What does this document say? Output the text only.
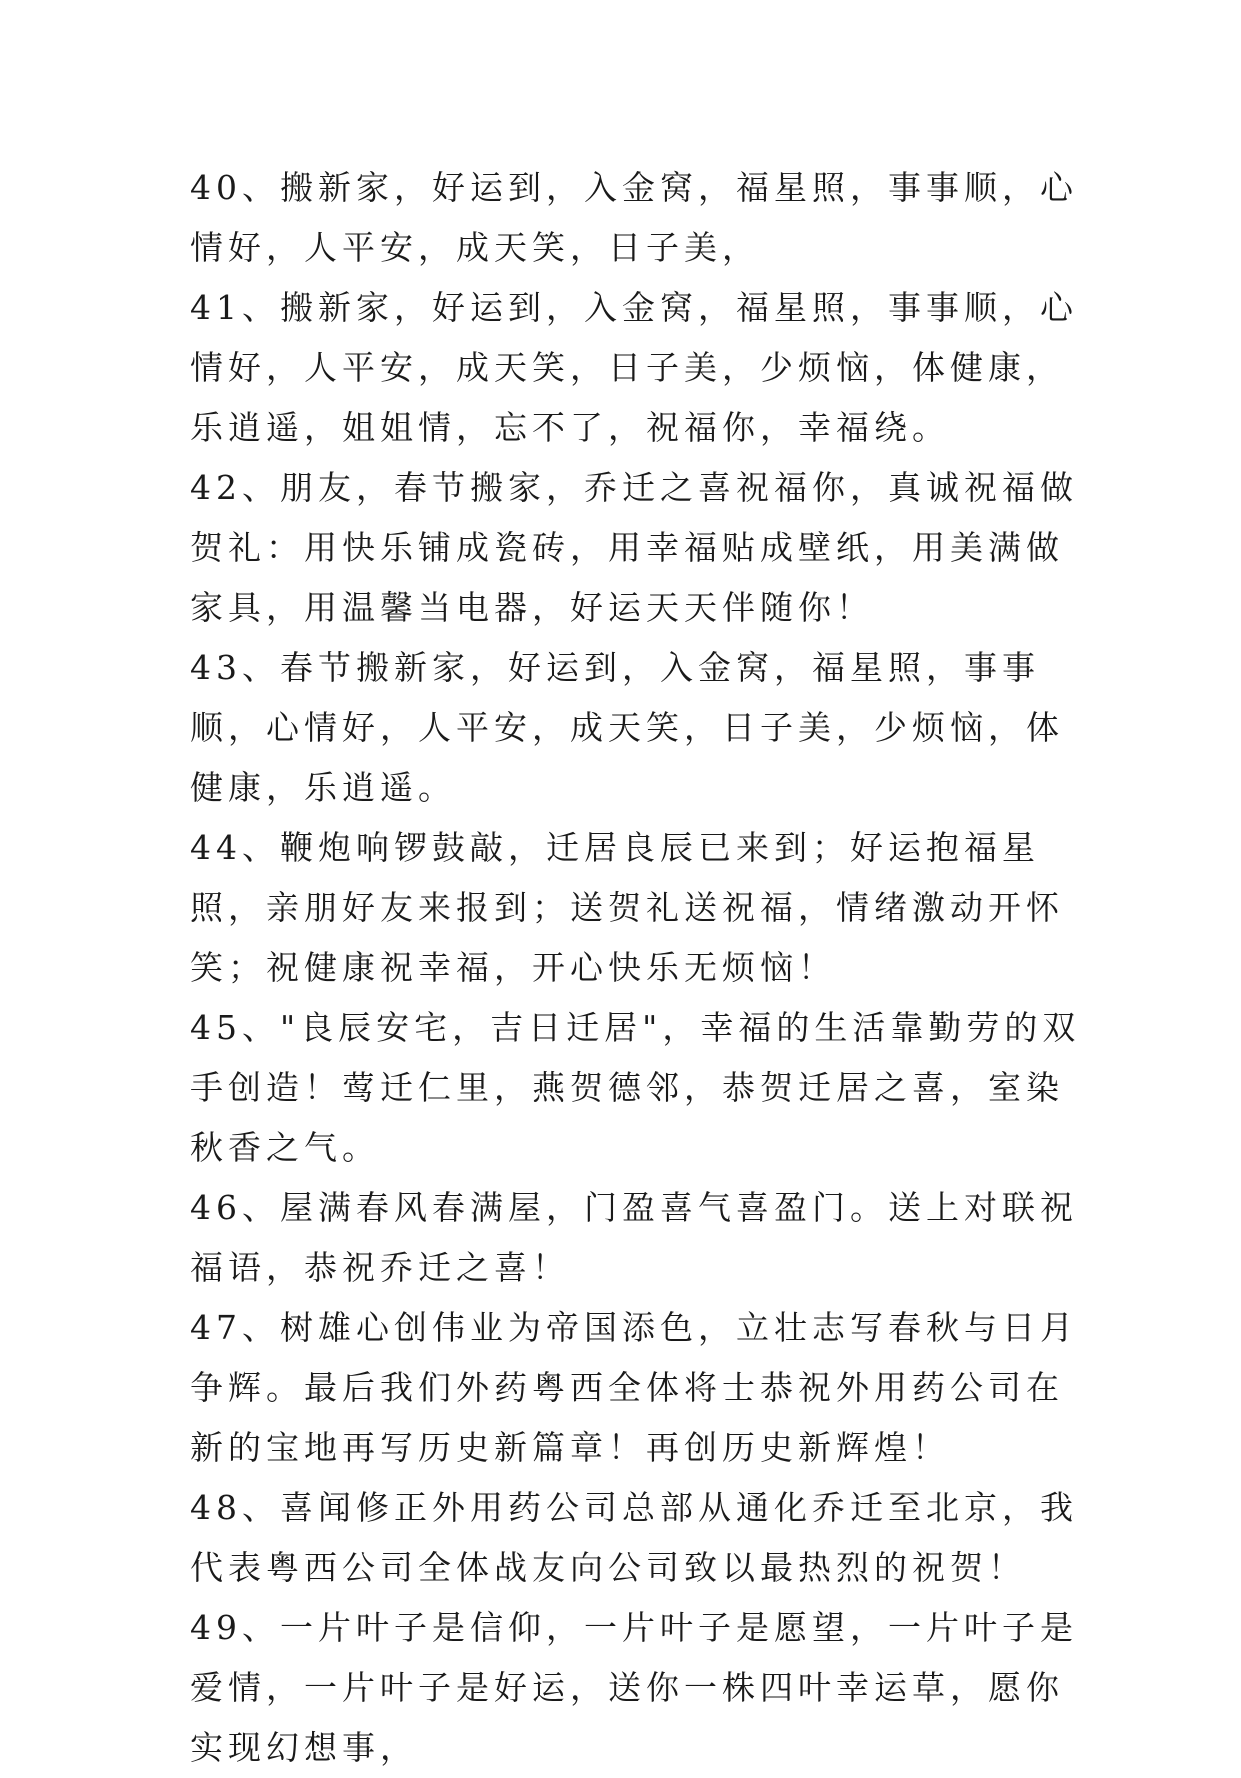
40、搬新家，好运到，入金窝，福星照，事事顺，心情好，人平安，成天笑，日子美，

41、搬新家，好运到，入金窝，福星照，事事顺，心情好，人平安，成天笑，日子美，少烦恼，体健康，乐逍遥，姐姐情，忘不了，祝福你，幸福绕。

42、朋友，春节搬家，乔迁之喜祝福你，真诚祝福做贺礼：用快乐铺成瓷砖，用幸福贴成壁纸，用美满做家具，用温馨当电器，好运天天伴随你！

43、春节搬新家，好运到，入金窝，福星照，事事顺，心情好，人平安，成天笑，日子美，少烦恼，体健康，乐逍遥。

44、鞭炮响锣鼓敲，迁居良辰已来到；好运抱福星照，亲朋好友来报到；送贺礼送祝福，情绪激动开怀笑；祝健康祝幸福，开心快乐无烦恼！

45、"良辰安宅，吉日迁居"，幸福的生活靠勤劳的双手创造！莺迁仁里，燕贺德邻，恭贺迁居之喜，室染秋香之气。

46、屋满春风春满屋，门盈喜气喜盈门。送上对联祝福语，恭祝乔迁之喜！

47、树雄心创伟业为帝国添色，立壮志写春秋与日月争辉。最后我们外药粤西全体将士恭祝外用药公司在新的宝地再写历史新篇章！再创历史新辉煌！

48、喜闻修正外用药公司总部从通化乔迁至北京，我代表粤西公司全体战友向公司致以最热烈的祝贺！

49、一片叶子是信仰，一片叶子是愿望，一片叶子是爱情，一片叶子是好运，送你一株四叶幸运草，愿你实现幻想事，
